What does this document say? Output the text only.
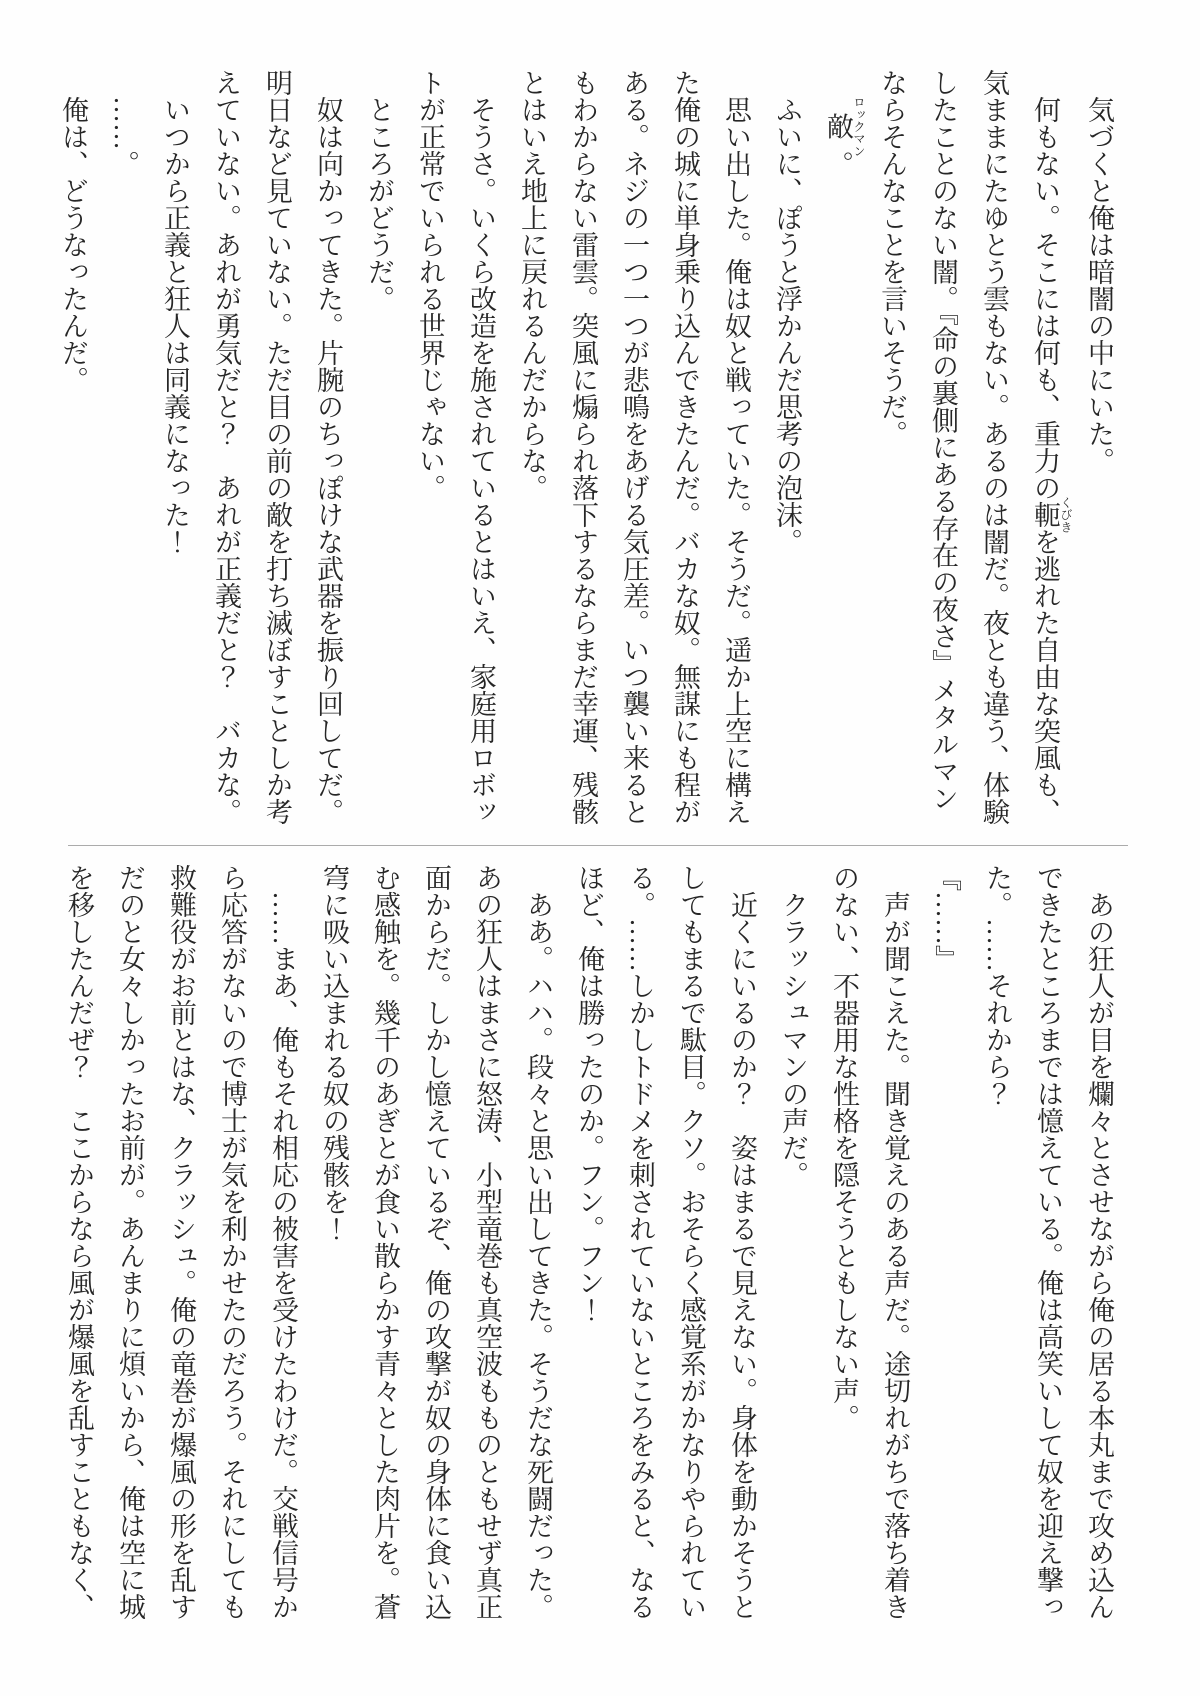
気づくと俺は暗闇の中にいた。
何もない。そこには何も、重力の軛 くびきを逃れた自由な突風も、
気ままにたゆとう雲もない。あるのは闇だ。夜とも違う、体験
したことのない闇。『命の裏側にある存在の夜さ』メタルマン
ならそんなことを言いそうだ。
敵 ロックマン。
ふいに、ぽうと浮かんだ思考の泡沫。
思い出した。俺は奴と戦っていた。そうだ。遥か上空に構え
た俺の城に単身乗り込んできたんだ。バカな奴。無謀にも程が
ある。ネジの一つ一つが悲鳴をあげる気圧差。いつ襲い来ると
もわからない雷雲。突風に煽られ落下するならまだ幸運、残骸
とはいえ地上に戻れるんだからな。
そうさ。いくら改造を施されているとはいえ、家庭用ロボッ
トが正常でいられる世界じゃない。
ところがどうだ。
奴は向かってきた。片腕のちっぽけな武器を振り回してだ。
明日など見ていない。ただ目の前の敵を打ち滅ぼすことしか考
えていない。あれが勇気だと？　あれが正義だと？　バカな。
いつから正義と狂人は同義になった！
……。
俺は、どうなったんだ。
あの狂人が目を爛々とさせながら俺の居る本丸まで攻め込ん
できたところまでは憶えている。俺は高笑いして奴を迎え撃っ
た。……それから？
『……』
声が聞こえた。聞き覚えのある声だ。途切れがちで落ち着き
のない、不器用な性格を隠そうともしない声。
クラッシュマンの声だ。
近くにいるのか？　姿はまるで見えない。身体を動かそうと
してもまるで駄目。クソ。おそらく感覚系がかなりやられてい
る。……しかしトドメを刺されていないところをみると、なる
ほど、俺は勝ったのか。フン。フン！
ああ。ハハ。段々と思い出してきた。そうだな死闘だった。
あの狂人はまさに怒涛、小型竜巻も真空波もものともせず真正
面からだ。しかし憶えているぞ、俺の攻撃が奴の身体に食い込
む感触を。幾千のあぎとが食い散らかす青々とした肉片を。蒼
穹に吸い込まれる奴の残骸を！
……まあ、俺もそれ相応の被害を受けたわけだ。交戦信号か
ら応答がないので博士が気を利かせたのだろう。それにしても
救難役がお前とはな、クラッシュ。俺の竜巻が爆風の形を乱す
だのと女々しかったお前が。あんまりに煩いから、俺は空に城
を移したんだぜ？　ここからなら風が爆風を乱すこともなく、
